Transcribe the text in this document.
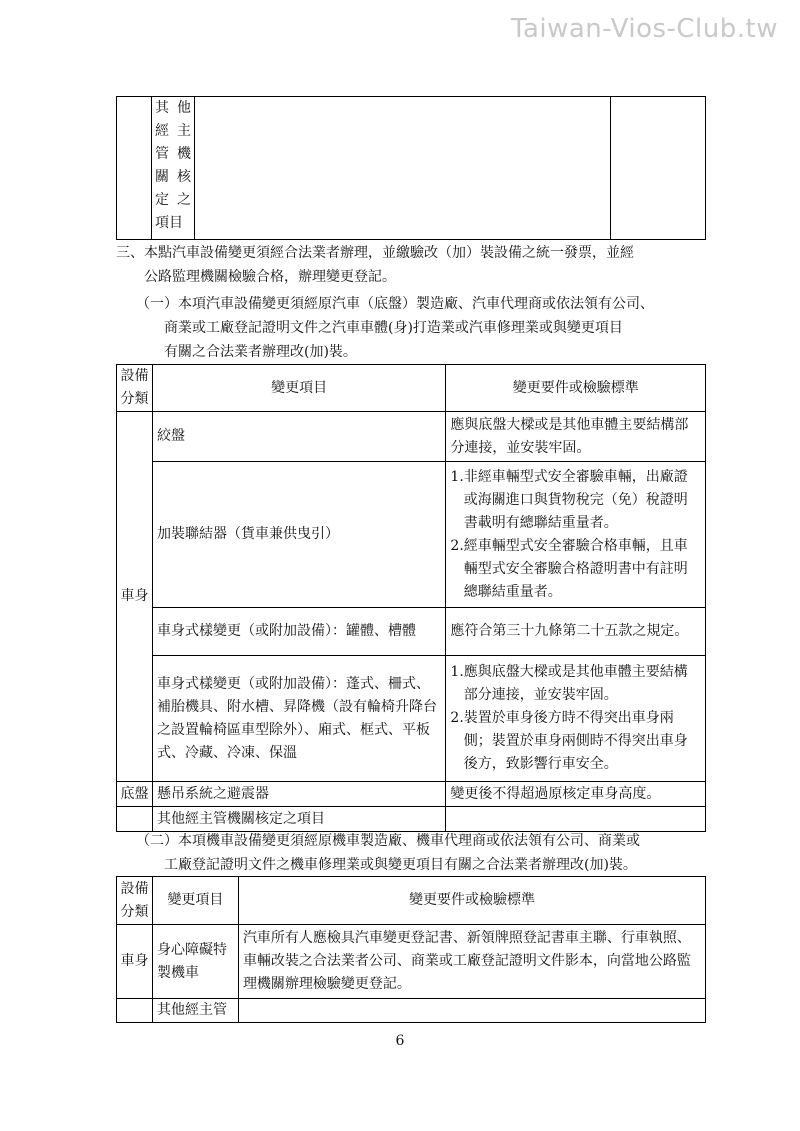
Taiwan-Vios-Club.tw

其 他
經 主
管 機
關 核
定 之
項目

三、本點汽車設備變更須經合法業者辦理，並繳驗改（加）裝設備之統一發票，並經

公路監理機關檢驗合格，辦理變更登記。

（一）本項汽車設備變更須經原汽車（底盤）製造廠、汽車代理商或依法領有公司、

商業或工廠登記證明文件之汽車車體(身)打造業或汽車修理業或與變更項目

有關之合法業者辦理改(加)裝。

設備分類	變更項目	變更要件或檢驗標準
車身	絞盤	應與底盤大樑或是其他車體主要結構部分連接，並安裝牢固。
	加裝聯結器（貨車兼供曳引）	1. 非經車輛型式安全審驗車輛，出廠證或海關進口與貨物稅完（免）稅證明書載明有總聯結重量者。
2. 經車輛型式安全審驗合格車輛，且車輛型式安全審驗合格證明書中有註明總聯結重量者。

	車身式樣變更（或附加設備）：罐體、槽體	應符合第三十九條第二十五款之規定。
	車身式樣變更（或附加設備）：蓬式、柵式、補胎機具、附水槽、昇降機（設有輪椅升降台之設置輪椅區車型除外）、廂式、框式、平板式、冷藏、冷凍、保溫	1. 應與底盤大樑或是其他車體主要結構部分連接，並安裝牢固。
2. 裝置於車身後方時不得突出車身兩側；裝置於車身兩側時不得突出車身後方，致影響行車安全。

底盤	懸吊系統之避震器	變更後不得超過原核定車身高度。
	其他經主管機關核定之項目	

（二）本項機車設備變更須經原機車製造廠、機車代理商或依法領有公司、商業或

工廠登記證明文件之機車修理業或與變更項目有關之合法業者辦理改(加)裝。

設備分類	變更項目	變更要件或檢驗標準
車身	身心障礙特製機車	汽車所有人應檢具汽車變更登記書、新領牌照登記書車主聯、行車執照、車輛改裝之合法業者公司、商業或工廠登記證明文件影本，向當地公路監理機關辦理檢驗變更登記。
	其他經主管	
6
